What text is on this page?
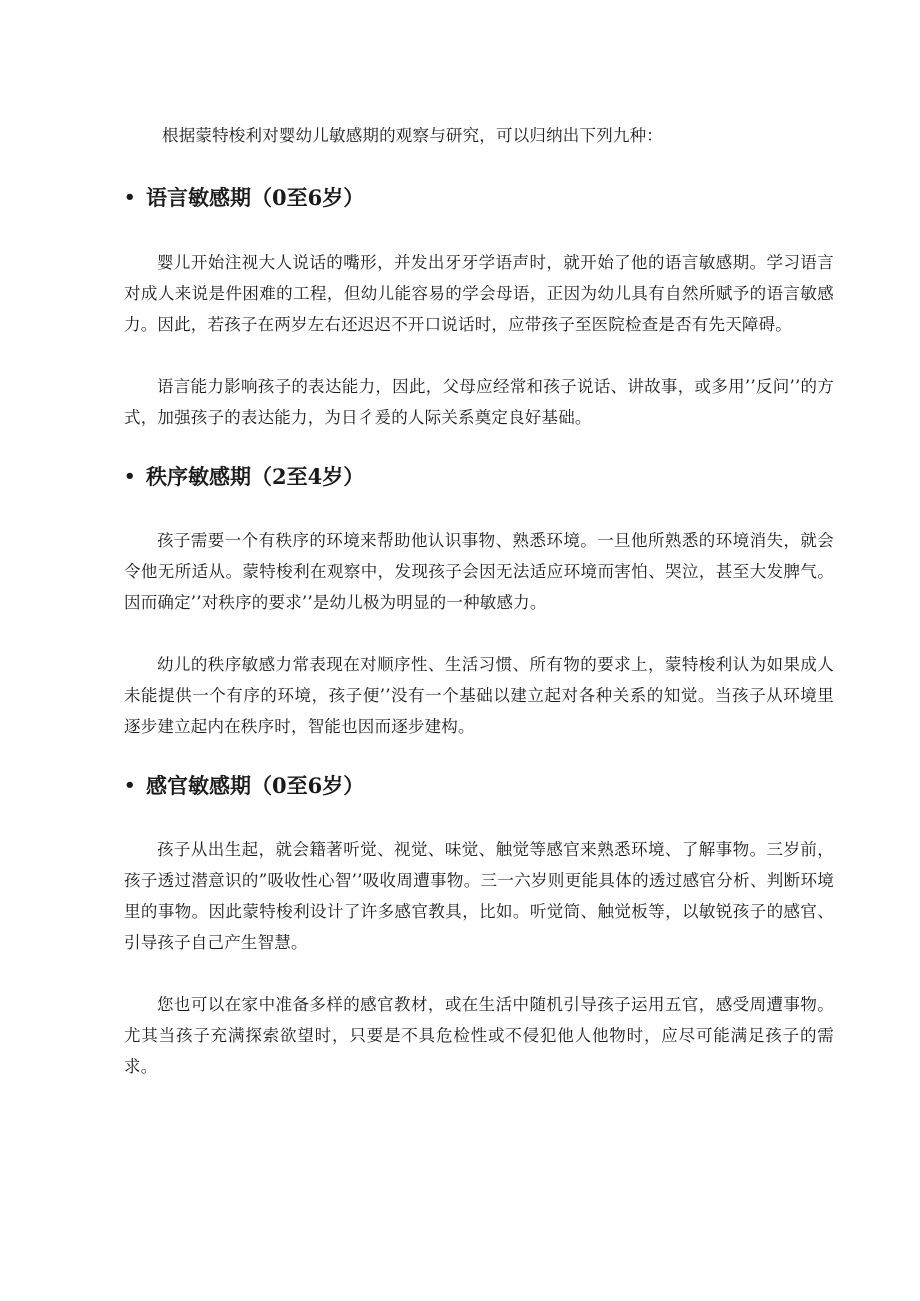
根据蒙特梭利对婴幼儿敏感期的观察与研究，可以归纳出下列九种：

• 语言敏感期（0至6岁）

婴儿开始注视大人说话的嘴形，并发出牙牙学语声时，就开始了他的语言敏感期。学习语言对成人来说是件困难的工程，但幼儿能容易的学会母语，正因为幼儿具有自然所赋予的语言敏感力。因此，若孩子在两岁左右还迟迟不开口说话时，应带孩子至医院检查是否有先天障碍。

语言能力影响孩子的表达能力，因此，父母应经常和孩子说话、讲故事，或多用’’反问’’的方式，加强孩子的表达能力，为日彳爰的人际关系奠定良好基础。

• 秩序敏感期（2至4岁）

孩子需要一个有秩序的环境来帮助他认识事物、熟悉环境。一旦他所熟悉的环境消失，就会令他无所适从。蒙特梭利在观察中，发现孩子会因无法适应环境而害怕、哭泣，甚至大发脾气。因而确定’’对秩序的要求’’是幼儿极为明显的一种敏感力。

幼儿的秩序敏感力常表现在对顺序性、生活习惯、所有物的要求上，蒙特梭利认为如果成人未能提供一个有序的环境，孩子便’’没有一个基础以建立起对各种关系的知觉。当孩子从环境里逐步建立起内在秩序时，智能也因而逐步建构。

• 感官敏感期（0至6岁）

孩子从出生起，就会籍著听觉、视觉、味觉、触觉等感官来熟悉环境、了解事物。三岁前，孩子透过潜意识的”吸收性心智’’吸收周遭事物。三一六岁则更能具体的透过感官分析、判断环境里的事物。因此蒙特梭利设计了许多感官教具，比如。听觉筒、触觉板等，以敏锐孩子的感官、引导孩子自己产生智慧。

您也可以在家中准备多样的感官教材，或在生活中随机引导孩子运用五官，感受周遭事物。尤其当孩子充满探索欲望时，只要是不具危检性或不侵犯他人他物时，应尽可能满足孩子的需求。
